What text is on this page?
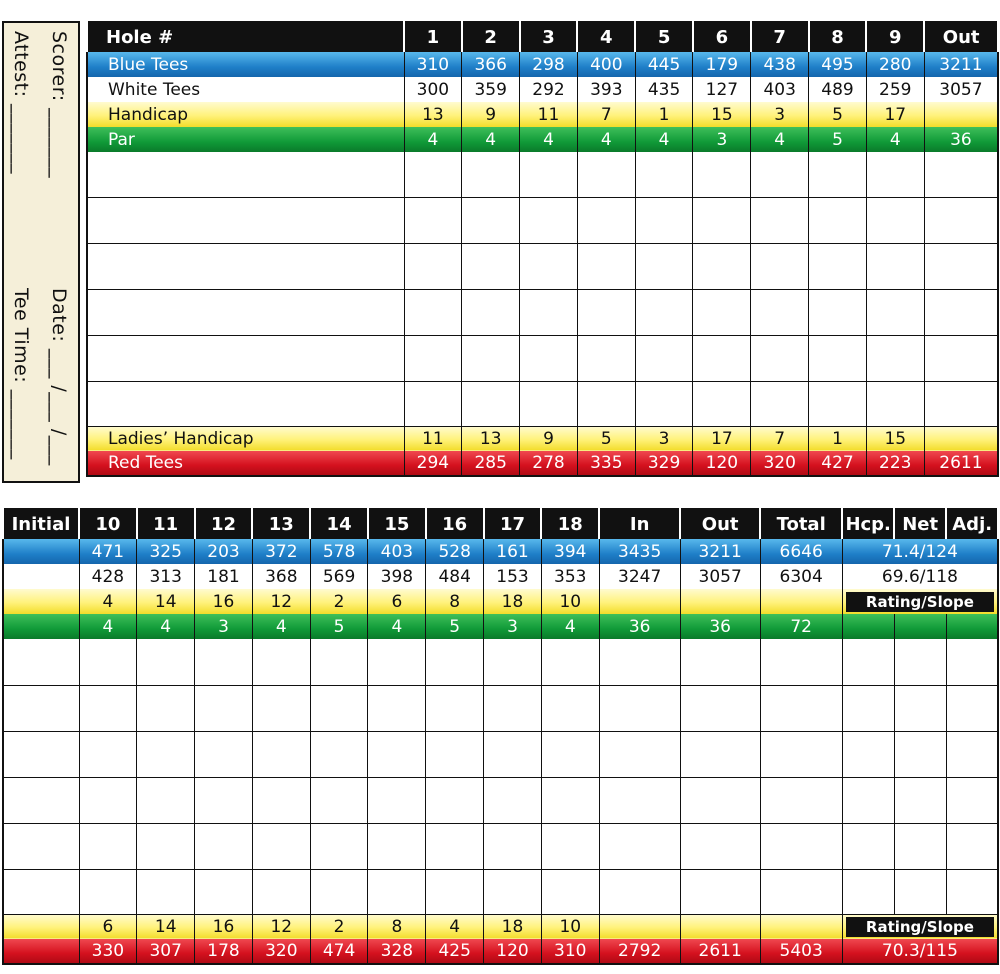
Scorer: _______
Date: ___ /___ /___
Attest: _______
Tee Time: _______
Hole #	1	2	3	4	5	6	7	8	9	Out
Blue Tees	310	366	298	400	445	179	438	495	280	3211
White Tees	300	359	292	393	435	127	403	489	259	3057
Handicap	13	9	11	7	1	15	3	5	17	
Par	4	4	4	4	4	3	4	5	4	36

Ladies’ Handicap	11	13	9	5	3	17	7	1	15	
Red Tees	294	285	278	335	329	120	320	427	223	2611
Initial	10	11	12	13	14	15	16	17	18	In	Out	Total	Hcp.	Net	Adj.
	471	325	203	372	578	403	528	161	394	3435	3211	6646	71.4/124		
	428	313	181	368	569	398	484	153	353	3247	3057	6304	69.6/118		
	4	14	16	12	2	6	8	18	10				Rating/Slope		
	4	4	3	4	5	4	5	3	4	36	36	72			

	6	14	16	12	2	8	4	18	10				Rating/Slope		
	330	307	178	320	474	328	425	120	310	2792	2611	5403	70.3/115		
